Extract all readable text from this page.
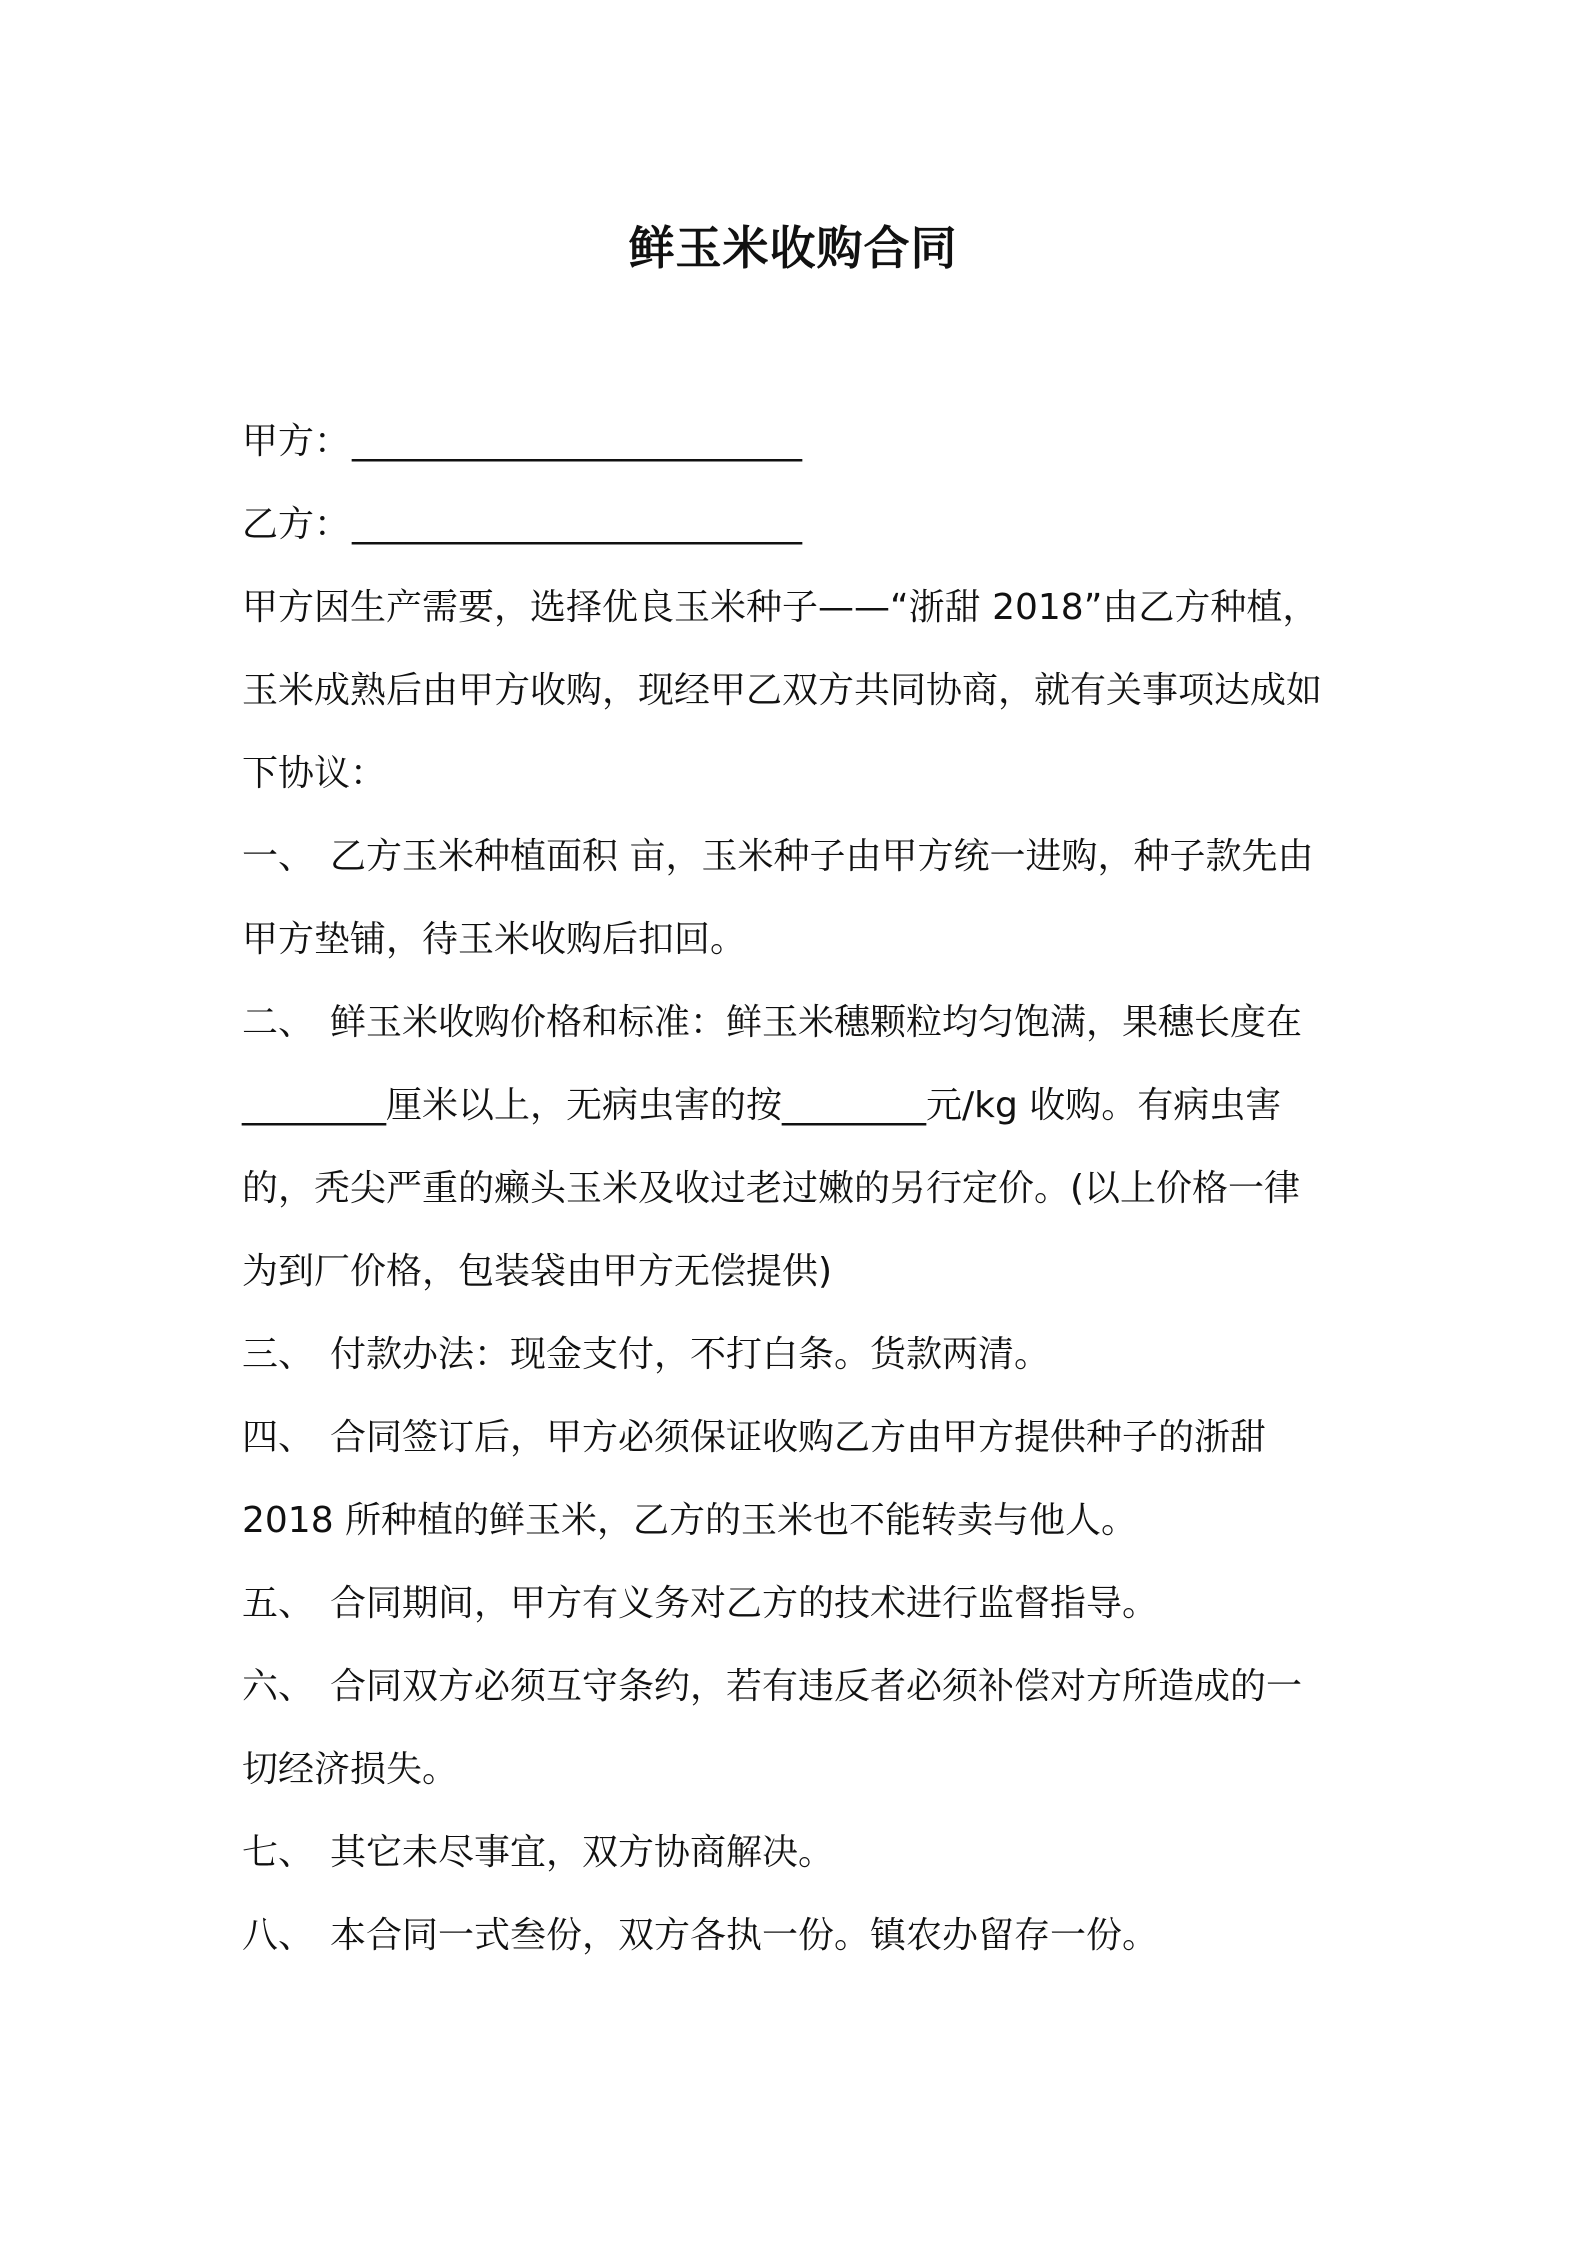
鲜玉米收购合同
甲方：_________________________
乙方：_________________________
甲方因生产需要，选择优良玉米种子——“浙甜 2018”由乙方种植，
玉米成熟后由甲方收购，现经甲乙双方共同协商，就有关事项达成如
下协议：
一、 乙方玉米种植面积 亩，玉米种子由甲方统一进购，种子款先由
甲方垫铺，待玉米收购后扣回。
二、 鲜玉米收购价格和标准：鲜玉米穗颗粒均匀饱满，果穗长度在
________厘米以上，无病虫害的按________元/kg 收购。有病虫害
的，秃尖严重的癞头玉米及收过老过嫩的另行定价。(以上价格一律
为到厂价格，包装袋由甲方无偿提供)
三、 付款办法：现金支付，不打白条。货款两清。
四、 合同签订后，甲方必须保证收购乙方由甲方提供种子的浙甜
2018 所种植的鲜玉米，乙方的玉米也不能转卖与他人。
五、 合同期间，甲方有义务对乙方的技术进行监督指导。
六、 合同双方必须互守条约，若有违反者必须补偿对方所造成的一
切经济损失。
七、 其它未尽事宜，双方协商解决。
八、 本合同一式叁份，双方各执一份。镇农办留存一份。
